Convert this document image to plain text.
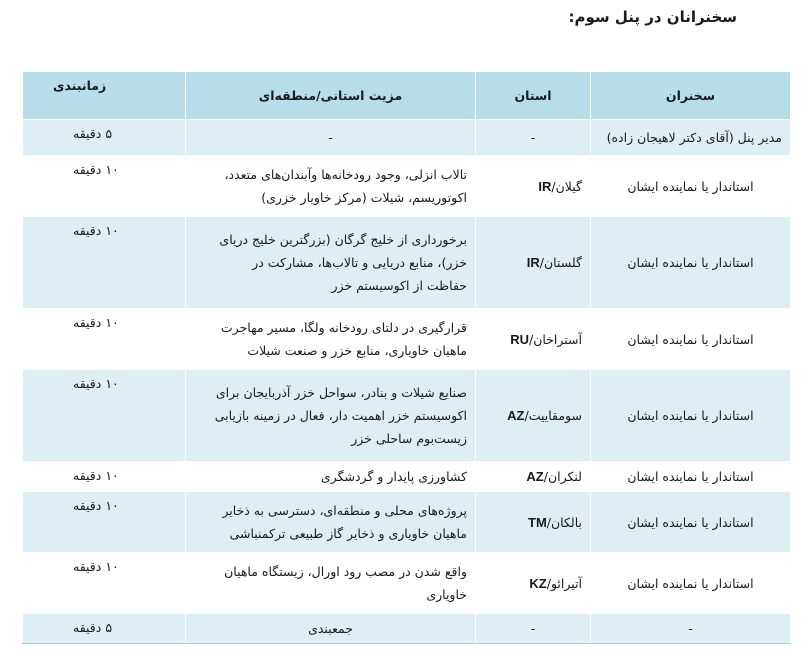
سخنرانان در پنل سوم:
سخنران	استان	مزیت استانی/منطقه‌ای	زمانبندی
مدیر پنل (آقای دکتر لاهیجان زاده)	-	-	۵ دقیقه
استاندار یا نماینده ایشان	گیلان/IR	تالاب انزلی، وجود رودخانه‌ها وآبندان‌های متعدد،
اکوتوریسم، شیلات (مرکز خاویار خزری)	۱۰ دقیقه
استاندار یا نماینده ایشان	گلستان/IR	برخورداری از خلیج گرگان (بزرگترین خلیج دریای
خزر)، منابع دریایی و تالاب‌ها، مشارکت در
حفاظت از اکوسیستم خزر	۱۰ دقیقه
استاندار یا نماینده ایشان	آستراخان/RU	قرارگیری در دلتای رودخانه ولگا، مسیر مهاجرت
ماهیان خاویاری، منابع خزر و صنعت شیلات	۱۰ دقیقه
استاندار یا نماینده ایشان	سومقاییت/AZ	صنایع شیلات و بنادر، سواحل خزر آذربایجان برای
اکوسیستم خزر اهمیت دار، فعال در زمینه بازیابی
زیست‌بوم ساحلی خزر	۱۰ دقیقه
استاندار یا نماینده ایشان	لنکران/AZ	کشاورزی پایدار و گردشگری	۱۰ دقیقه
استاندار یا نماینده ایشان	بالکان/TM	پروژه‌های محلی و منطقه‌ای، دسترسی به ذخایر
ماهیان خاویاری و ذخایر گاز طبیعی ترکمنباشی	۱۰ دقیقه
استاندار یا نماینده ایشان	آتیرائو/KZ	واقع شدن در مصب رود اورال، زیستگاه ماهیان
خاویاری	۱۰ دقیقه
-	-	جمعبندی	۵ دقیقه
